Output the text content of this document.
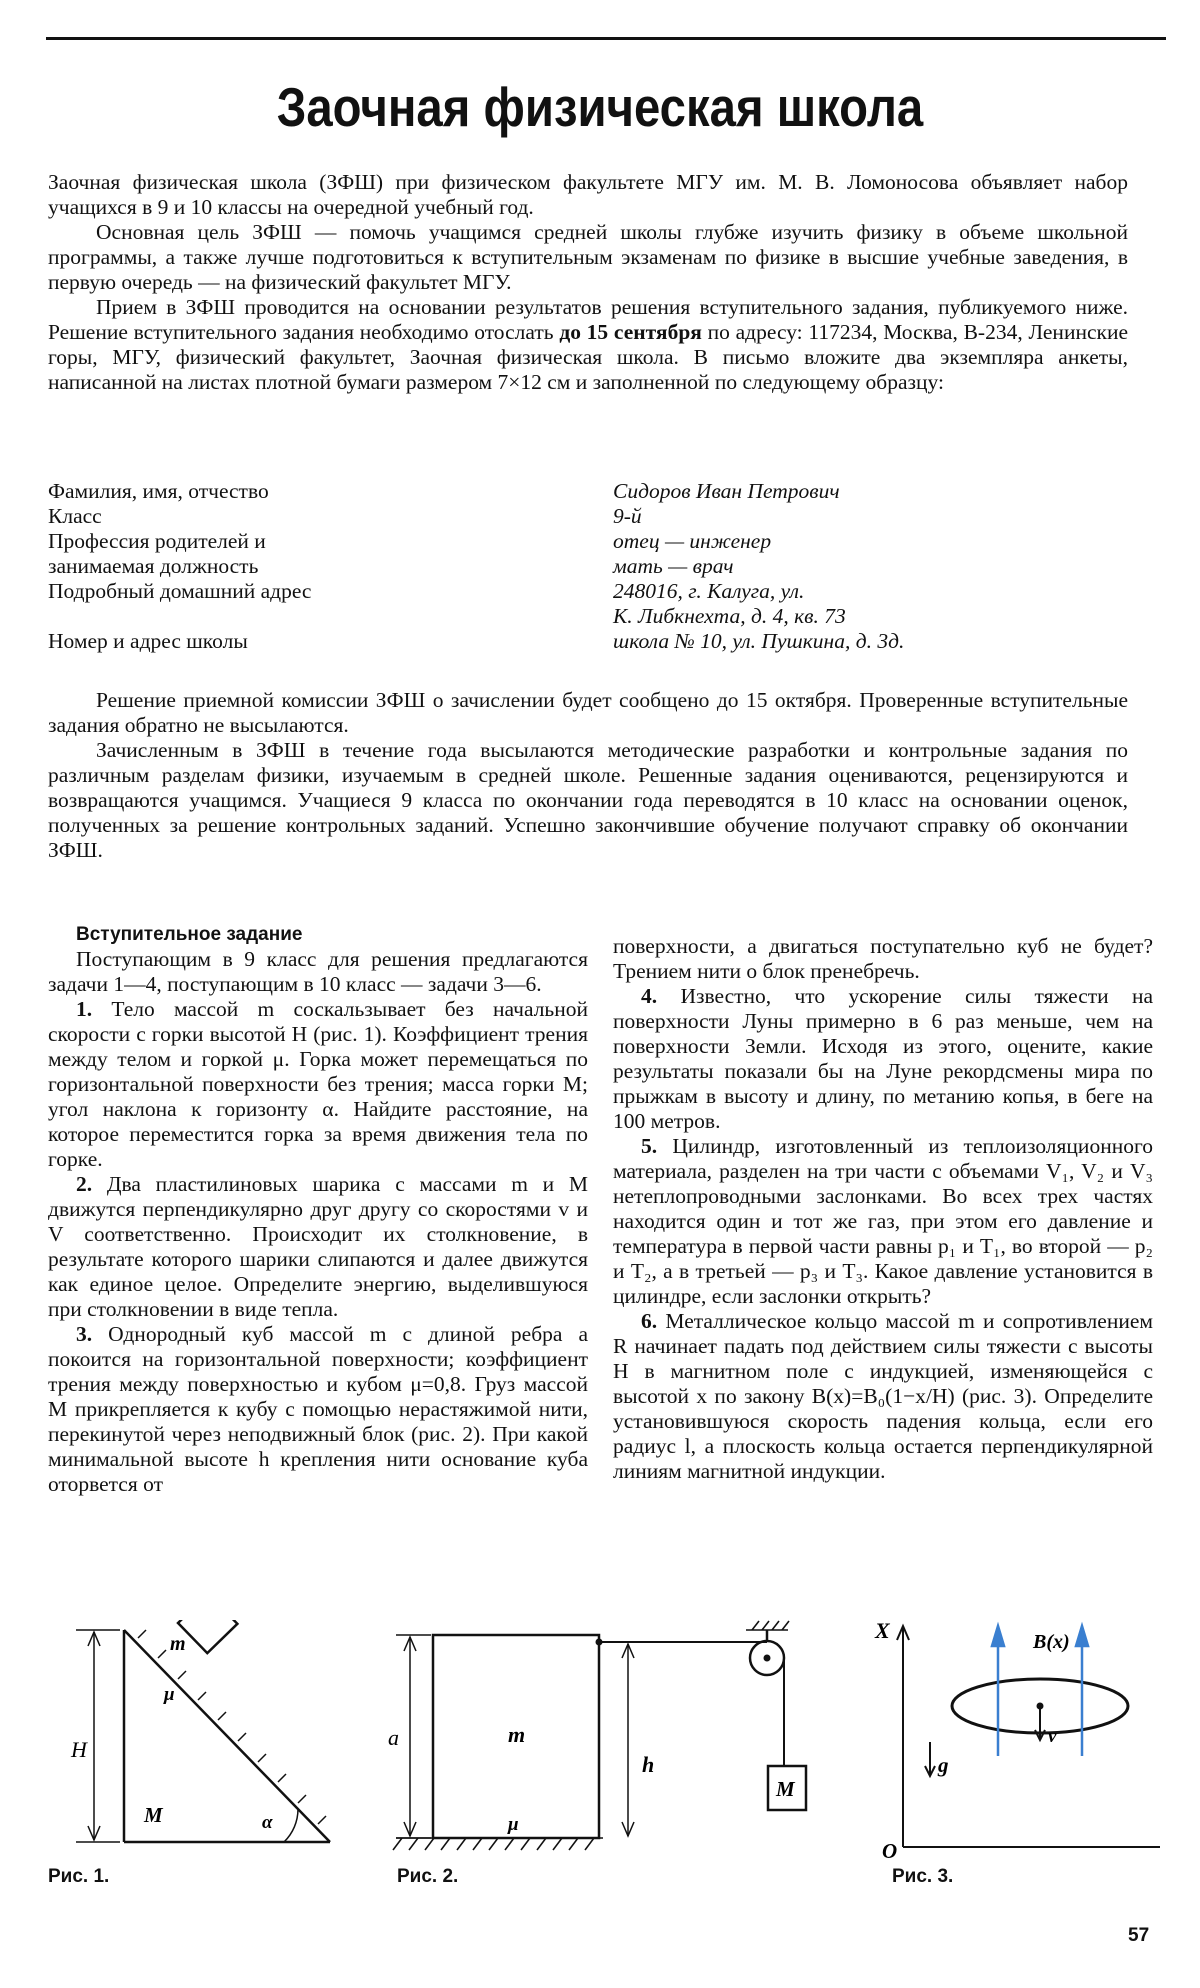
Заочная физическая школа

Заочная физическая школа (ЗФШ) при физическом факультете МГУ им. М. В. Ломоносова объявляет набор учащихся в 9 и 10 классы на очередной учебный год.

Основная цель ЗФШ — помочь учащимся средней школы глубже изучить физику в объеме школьной программы, а также лучше подготовиться к вступительным экзаменам по физике в высшие учебные заведения, в первую очередь — на физический факультет МГУ.

Прием в ЗФШ проводится на основании результатов решения вступительного задания, публикуемого ниже. Решение вступительного задания необходимо отослать до 15 сентября по адресу: 117234, Москва, В-234, Ленинские горы, МГУ, физический факультет, Заочная физическая школа. В письмо вложите два экземпляра анкеты, написанной на листах плотной бумаги размером 7×12 см и заполненной по следующему образцу:

Фамилия, имя, отчество	Сидоров Иван Петрович
Класс	9-й
Профессия родителей и	отец — инженер
занимаемая должность	мать — врач
Подробный домашний адрес	248016, г. Калуга, ул.
К. Либкнехта, д. 4, кв. 73
Номер и адрес школы	школа № 10, ул. Пушкина, д. 3д.

Решение приемной комиссии ЗФШ о зачислении будет сообщено до 15 октября. Проверенные вступительные задания обратно не высылаются.

Зачисленным в ЗФШ в течение года высылаются методические разработки и контрольные задания по различным разделам физики, изучаемым в средней школе. Решенные задания оцениваются, рецензируются и возвращаются учащимся. Учащиеся 9 класса по окончании года переводятся в 10 класс на основании оценок, полученных за решение контрольных заданий. Успешно закончившие обучение получают справку об окончании ЗФШ.

Вступительное задание

Поступающим в 9 класс для решения предлагаются задачи 1—4, поступающим в 10 класс — задачи 3—6.

1. Тело массой m соскальзывает без начальной скорости с горки высотой H (рис. 1). Коэффициент трения между телом и горкой μ. Горка может перемещаться по горизонтальной поверхности без трения; масса горки M; угол наклона к горизонту α. Найдите расстояние, на которое переместится горка за время движения тела по горке.

2. Два пластилиновых шарика с массами m и M движутся перпендикулярно друг другу со скоростями v и V соответственно. Происходит их столкновение, в результате которого шарики слипаются и далее движутся как единое целое. Определите энергию, выделившуюся при столкновении в виде тепла.

3. Однородный куб массой m с длиной ребра a покоится на горизонтальной поверхности; коэффициент трения между поверхностью и кубом μ=0,8. Груз массой M прикрепляется к кубу с помощью нерастяжимой нити, перекинутой через неподвижный блок (рис. 2). При какой минимальной высоте h крепления нити основание куба оторвется от

поверхности, а двигаться поступательно куб не будет? Трением нити о блок пренебречь.

4. Известно, что ускорение силы тяжести на поверхности Луны примерно в 6 раз меньше, чем на поверхности Земли. Исходя из этого, оцените, какие результаты показали бы на Луне рекордсмены мира по прыжкам в высоту и длину, по метанию копья, в беге на 100 метров.

5. Цилиндр, изготовленный из теплоизоляционного материала, разделен на три части с объемами V₁, V₂ и V₃ нетеплопроводными заслонками. Во всех трех частях находится один и тот же газ, при этом его давление и температура в первой части равны p₁ и T₁, во второй — p₂ и T₂, а в третьей — p₃ и T₃. Какое давление установится в цилиндре, если заслонки открыть?

6. Металлическое кольцо массой m и сопротивлением R начинает падать под действием силы тяжести с высоты H в магнитном поле с индукцией, изменяющейся с высотой x по закону B(x)=B₀(1−x/H) (рис. 3). Определите установившуюся скорость падения кольца, если его радиус l, а плоскость кольца остается перпендикулярной линиям магнитной индукции.

H
m
μ
M	α
Рис. 1.
a	m
h
μ
M
Рис. 2.
X	B(x)
v
g
O
Рис. 3.
57
